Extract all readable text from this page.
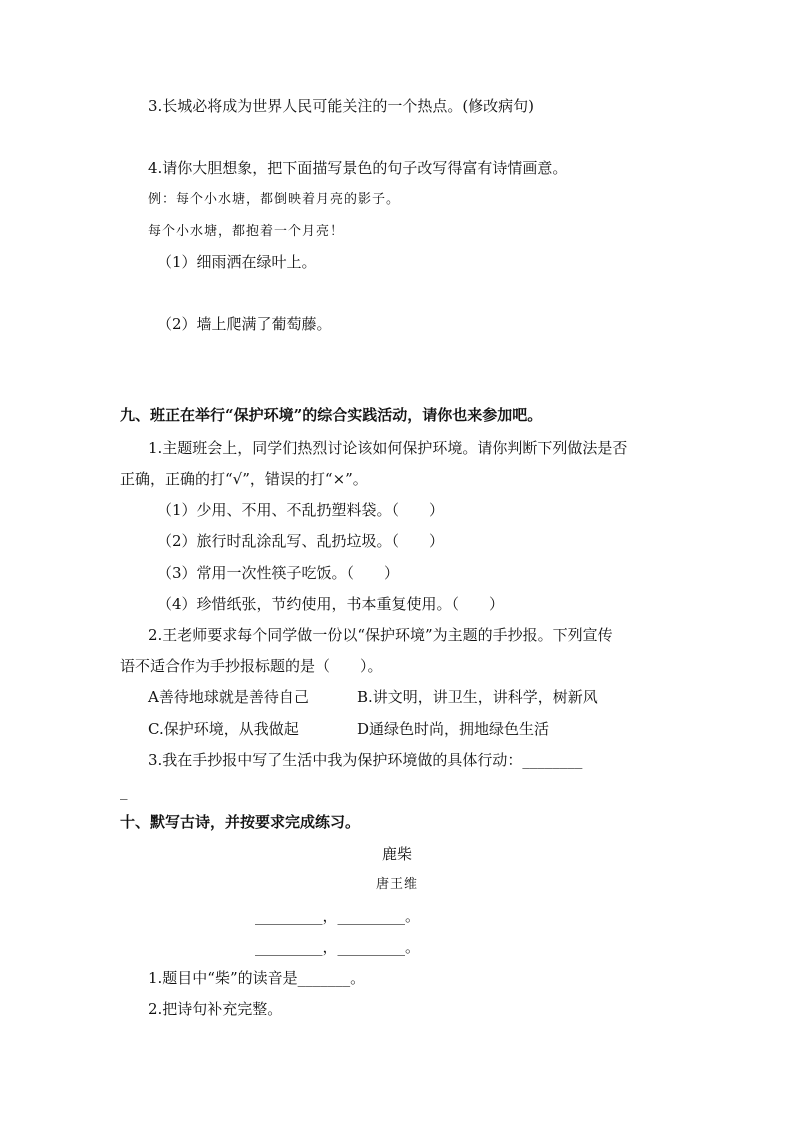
3.长城必将成为世界人民可能关注的一个热点。(修改病句)
4.请你大胆想象，把下面描写景色的句子改写得富有诗情画意。
例：每个小水塘，都倒映着月亮的影子。
每个小水塘，都抱着一个月亮！
（1）细雨洒在绿叶上。
（2）墙上爬满了葡萄藤。
九、班正在举行“保护环境”的综合实践活动，请你也来参加吧。
1.主题班会上，同学们热烈讨论该如何保护环境。请你判断下列做法是否
正确，正确的打“√”，错误的打“×”。
（1）少用、不用、不乱扔塑料袋。（　　）
（2）旅行时乱涂乱写、乱扔垃圾。（　　）
（3）常用一次性筷子吃饭。（　　）
（4）珍惜纸张，节约使用，书本重复使用。（　　）
2.王老师要求每个同学做一份以“保护环境”为主题的手抄报。下列宣传
语不适合作为手抄报标题的是（　　）。
A善待地球就是善待自己	B.讲文明，讲卫生，讲科学，树新风
C.保护环境，从我做起	D通绿色时尚，拥地绿色生活
3.我在手抄报中写了生活中我为保护环境做的具体行动：________
_
十、默写古诗，并按要求完成练习。
鹿柴
唐王维
_________，_________。
_________，_________。
1.题目中“柴”的读音是_______。
2.把诗句补充完整。
